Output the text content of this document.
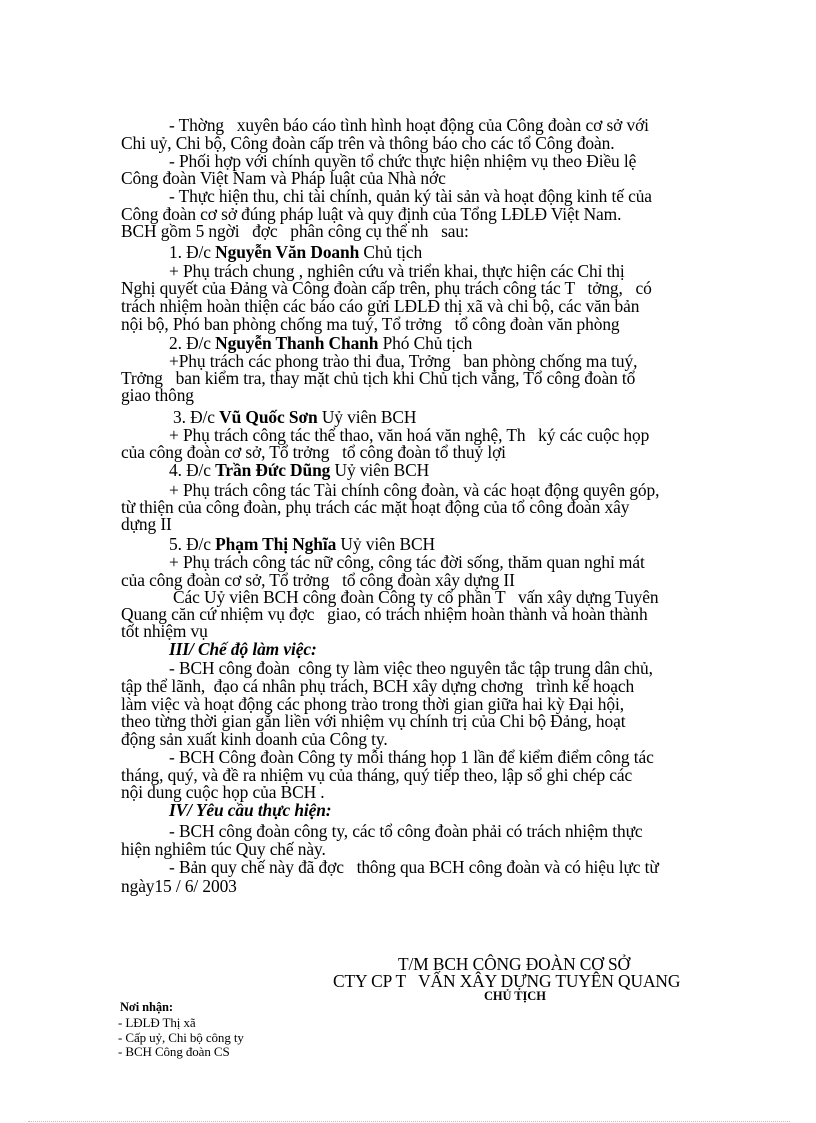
- Thờng   xuyên báo cáo tình hình hoạt động của Công đoàn cơ sở với
Chi uỷ, Chi bộ, Công đoàn cấp trên và thông báo cho các tổ Công đoàn.
- Phối hợp với chính quyền tổ chức thực hiện nhiệm vụ theo Điều lệ
Công đoàn Việt Nam và Pháp luật của Nhà nớc
- Thực hiện thu, chi tài chính, quản ký tài sản và hoạt động kinh tế của
Công đoàn cơ sở đúng pháp luật và quy định của Tổng LĐLĐ Việt Nam.
BCH gồm 5 ngời   đợc   phân công cụ thể nh   sau:
1. Đ/c Nguyễn Văn Doanh Chủ tịch
+ Phụ trách chung , nghiên cứu và triển khai, thực hiện các Chỉ thị
Nghị quyết của Đảng và Công đoàn cấp trên, phụ trách công tác T   tởng,   có
trách nhiệm hoàn thiện các báo cáo gửi LĐLĐ thị xã và chi bộ, các văn bản
nội bộ, Phó ban phòng chống ma tuý, Tổ trởng   tổ công đoàn văn phòng
2. Đ/c Nguyễn Thanh Chanh Phó Chủ tịch
+Phụ trách các phong trào thi đua, Trởng   ban phòng chống ma tuý,
Trởng   ban kiểm tra, thay mặt chủ tịch khi Chủ tịch vắng, Tổ công đoàn tổ
giao thông
3. Đ/c Vũ Quốc Sơn Uỷ viên BCH
+ Phụ trách công tác thể thao, văn hoá văn nghệ, Th   ký các cuộc họp
của công đoàn cơ sở, Tổ trởng   tổ công đoàn tổ thuỷ lợi
4. Đ/c Trần Đức Dũng Uỷ viên BCH
+ Phụ trách công tác Tài chính công đoàn, và các hoạt động quyên góp,
từ thiện của công đoàn, phụ trách các mặt hoạt động của tổ công đoàn xây
dựng II
5. Đ/c Phạm Thị Nghĩa Uỷ viên BCH
+ Phụ trách công tác nữ công, công tác đời sống, thăm quan nghỉ mát
của công đoàn cơ sở, Tổ trởng   tổ công đoàn xây dựng II
Các Uỷ viên BCH công đoàn Công ty cổ phần T   vấn xây dựng Tuyên
Quang căn cứ nhiệm vụ đợc   giao, có trách nhiệm hoàn thành và hoàn thành
tốt nhiệm vụ
III/ Chế độ làm việc:
- BCH công đoàn  công ty làm việc theo nguyên tắc tập trung dân chủ,
tập thể lãnh,  đạo cá nhân phụ trách, BCH xây dựng chơng   trình kế hoạch
làm việc và hoạt động các phong trào trong thời gian giữa hai kỳ Đại hội,
theo từng thời gian gắn liền với nhiệm vụ chính trị của Chi bộ Đảng, hoạt
động sản xuất kinh doanh của Công ty.
- BCH Công đoàn Công ty mỗi tháng họp 1 lần để kiểm điểm công tác
tháng, quý, và đề ra nhiệm vụ của tháng, quý tiếp theo, lập sổ ghi chép các
nội dung cuộc họp của BCH .
IV/ Yêu cầu thực hiện:
- BCH công đoàn công ty, các tổ công đoàn phải có trách nhiệm thực
hiện nghiêm túc Quy chế này.
- Bản quy chế này đã đợc   thông qua BCH công đoàn và có hiệu lực từ
ngày15 / 6/ 2003
T/M BCH CÔNG ĐOÀN CƠ SỞ
CTY CP T   VẤN XÂY DỰNG TUYÊN QUANG
CHỦ TỊCH
Nơi nhận:
- LĐLĐ Thị xã
- Cấp uỷ, Chi bộ công ty
- BCH Công đoàn CS
